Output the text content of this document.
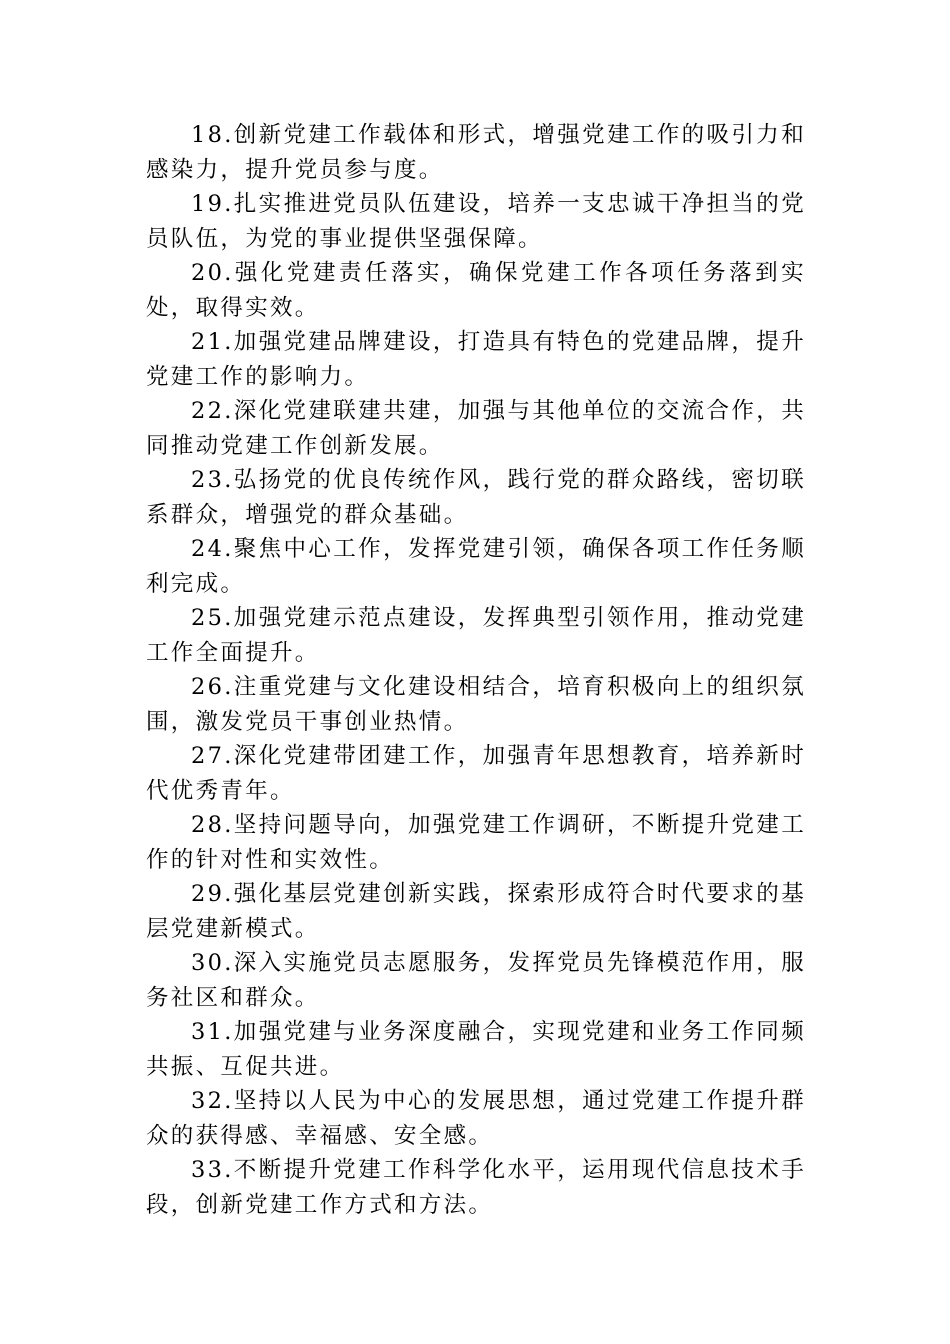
18.创新党建工作载体和形式，增强党建工作的吸引力和感染力，提升党员参与度。

19.扎实推进党员队伍建设，培养一支忠诚干净担当的党员队伍，为党的事业提供坚强保障。

20.强化党建责任落实，确保党建工作各项任务落到实处，取得实效。

21.加强党建品牌建设，打造具有特色的党建品牌，提升党建工作的影响力。

22.深化党建联建共建，加强与其他单位的交流合作，共同推动党建工作创新发展。

23.弘扬党的优良传统作风，践行党的群众路线，密切联系群众，增强党的群众基础。

24.聚焦中心工作，发挥党建引领，确保各项工作任务顺利完成。

25.加强党建示范点建设，发挥典型引领作用，推动党建工作全面提升。

26.注重党建与文化建设相结合，培育积极向上的组织氛围，激发党员干事创业热情。

27.深化党建带团建工作，加强青年思想教育，培养新时代优秀青年。

28.坚持问题导向，加强党建工作调研，不断提升党建工作的针对性和实效性。

29.强化基层党建创新实践，探索形成符合时代要求的基层党建新模式。

30.深入实施党员志愿服务，发挥党员先锋模范作用，服务社区和群众。

31.加强党建与业务深度融合，实现党建和业务工作同频共振、互促共进。

32.坚持以人民为中心的发展思想，通过党建工作提升群众的获得感、幸福感、安全感。

33.不断提升党建工作科学化水平，运用现代信息技术手段，创新党建工作方式和方法。
